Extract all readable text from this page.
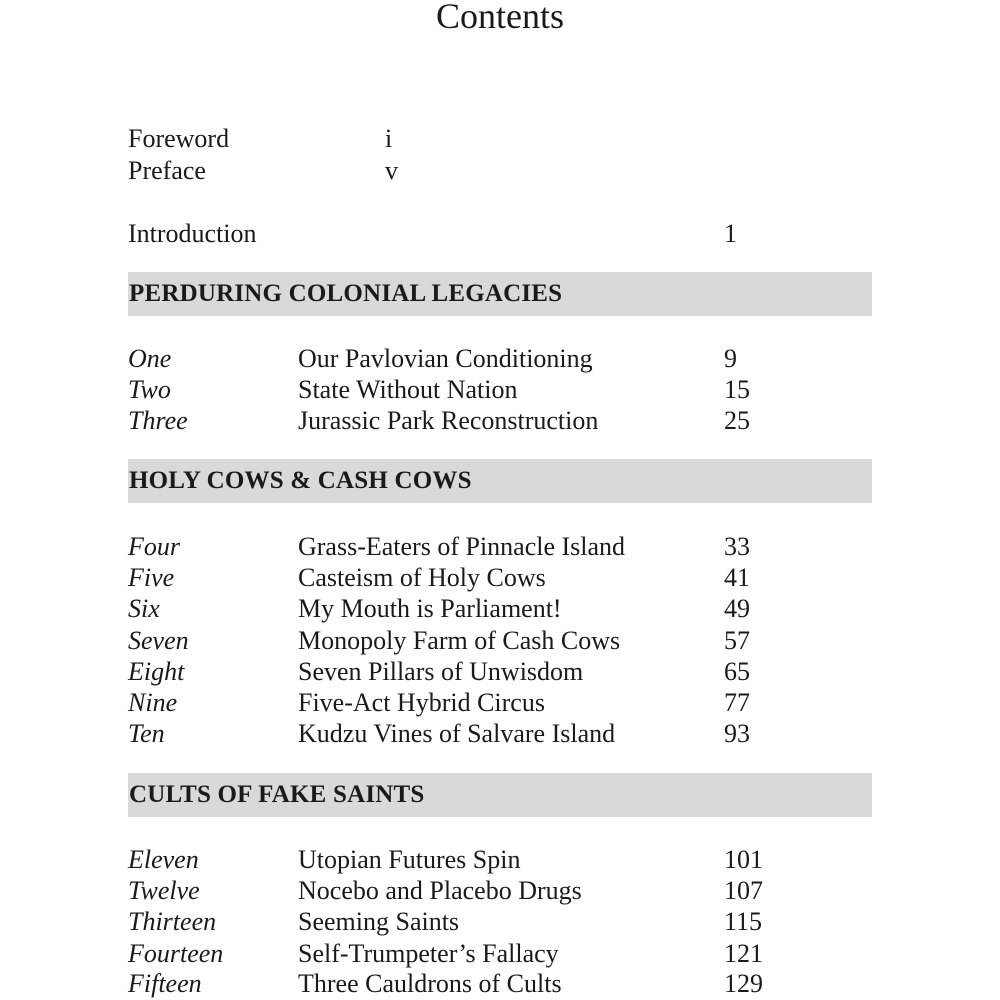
Contents
Foreword	i
Preface	v
Introduction	1
PERDURING COLONIAL LEGACIES
One	Our Pavlovian Conditioning	9
Two	State Without Nation	15
Three	Jurassic Park Reconstruction	25
HOLY COWS & CASH COWS
Four	Grass-Eaters of Pinnacle Island	33
Five	Casteism of Holy Cows	41
Six	My Mouth is Parliament!	49
Seven	Monopoly Farm of Cash Cows	57
Eight	Seven Pillars of Unwisdom	65
Nine	Five-Act Hybrid Circus	77
Ten	Kudzu Vines of Salvare Island	93
CULTS OF FAKE SAINTS
Eleven	Utopian Futures Spin	101
Twelve	Nocebo and Placebo Drugs	107
Thirteen	Seeming Saints	115
Fourteen	Self-Trumpeter’s Fallacy	121
Fifteen	Three Cauldrons of Cults	129
